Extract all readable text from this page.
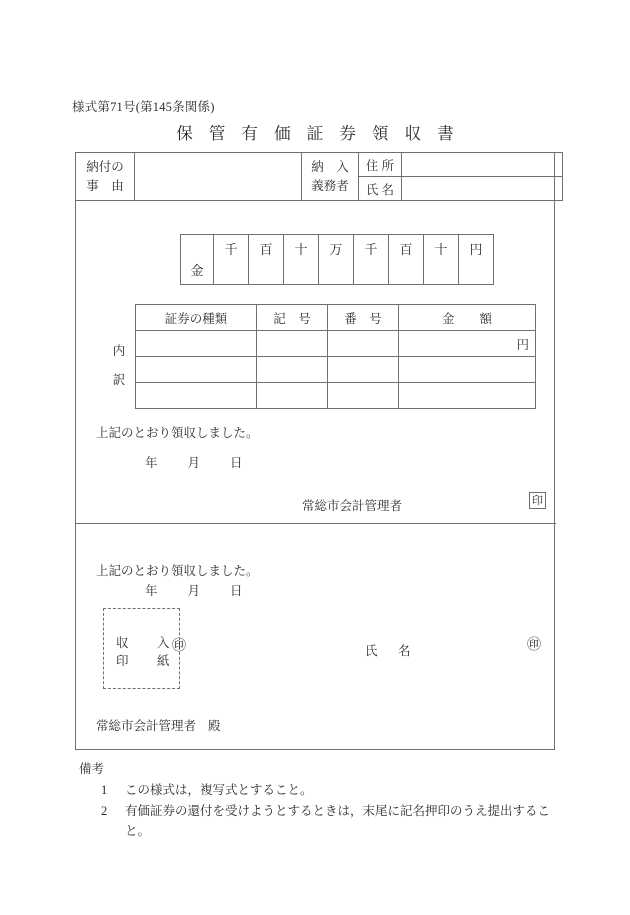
様式第71号(第145条関係)
保 管 有 価 証 券 領 収 書
納付の
事　由		納　入
義務者	住 所	
			氏 名	
金	千	百	十	万	千	百	十	円
内
訳
証券の種類	記　号	番　号	金　　額
			円

上記のとおり領収しました。
年 月 日
常総市会計管理者	印
上記のとおり領収しました。
年 月 日
収　入
印　紙
㊞	氏　名	㊞
常総市会計管理者 殿
備考
1	この様式は，複写式とすること。
2	有価証券の還付を受けようとするときは，末尾に記名押印のうえ提出すること。
